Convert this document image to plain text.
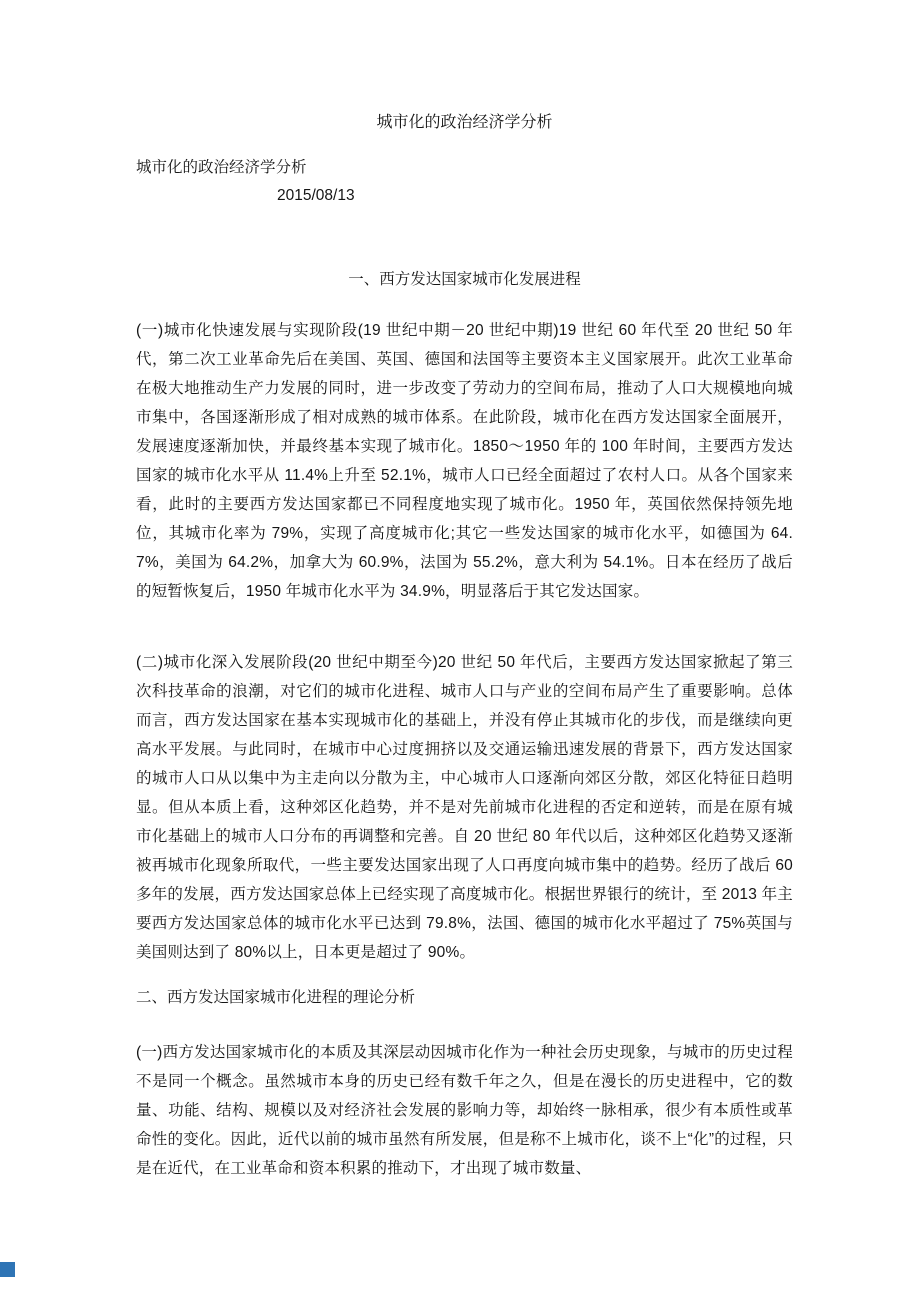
城市化的政治经济学分析
城市化的政治经济学分析
2015/08/13
一、西方发达国家城市化发展进程
(一)城市化快速发展与实现阶段(19 世纪中期－20 世纪中期)19 世纪 60 年代至 20 世纪 50 年代，第二次工业革命先后在美国、英国、德国和法国等主要资本主义国家展开。此次工业革命在极大地推动生产力发展的同时，进一步改变了劳动力的空间布局，推动了人口大规模地向城市集中，各国逐渐形成了相对成熟的城市体系。在此阶段，城市化在西方发达国家全面展开，发展速度逐渐加快，并最终基本实现了城市化。1850～1950 年的 100 年时间，主要西方发达国家的城市化水平从 11.4%上升至 52.1%，城市人口已经全面超过了农村人口。从各个国家来看，此时的主要西方发达国家都已不同程度地实现了城市化。1950 年，英国依然保持领先地位，其城市化率为 79%，实现了高度城市化;其它一些发达国家的城市化水平，如德国为 64.7%，美国为 64.2%，加拿大为 60.9%，法国为 55.2%，意大利为 54.1%。日本在经历了战后的短暂恢复后，1950 年城市化水平为 34.9%，明显落后于其它发达国家。
(二)城市化深入发展阶段(20 世纪中期至今)20 世纪 50 年代后，主要西方发达国家掀起了第三次科技革命的浪潮，对它们的城市化进程、城市人口与产业的空间布局产生了重要影响。总体而言，西方发达国家在基本实现城市化的基础上，并没有停止其城市化的步伐，而是继续向更高水平发展。与此同时，在城市中心过度拥挤以及交通运输迅速发展的背景下，西方发达国家的城市人口从以集中为主走向以分散为主，中心城市人口逐渐向郊区分散，郊区化特征日趋明显。但从本质上看，这种郊区化趋势，并不是对先前城市化进程的否定和逆转，而是在原有城市化基础上的城市人口分布的再调整和完善。自 20 世纪 80 年代以后，这种郊区化趋势又逐渐被再城市化现象所取代，一些主要发达国家出现了人口再度向城市集中的趋势。经历了战后 60 多年的发展，西方发达国家总体上已经实现了高度城市化。根据世界银行的统计，至 2013 年主要西方发达国家总体的城市化水平已达到 79.8%，法国、德国的城市化水平超过了 75%英国与美国则达到了 80%以上，日本更是超过了 90%。
二、西方发达国家城市化进程的理论分析
(一)西方发达国家城市化的本质及其深层动因城市化作为一种社会历史现象，与城市的历史过程不是同一个概念。虽然城市本身的历史已经有数千年之久，但是在漫长的历史进程中，它的数量、功能、结构、规模以及对经济社会发展的影响力等，却始终一脉相承，很少有本质性或革命性的变化。因此，近代以前的城市虽然有所发展，但是称不上城市化，谈不上“化”的过程，只是在近代，在工业革命和资本积累的推动下，才出现了城市数量、
